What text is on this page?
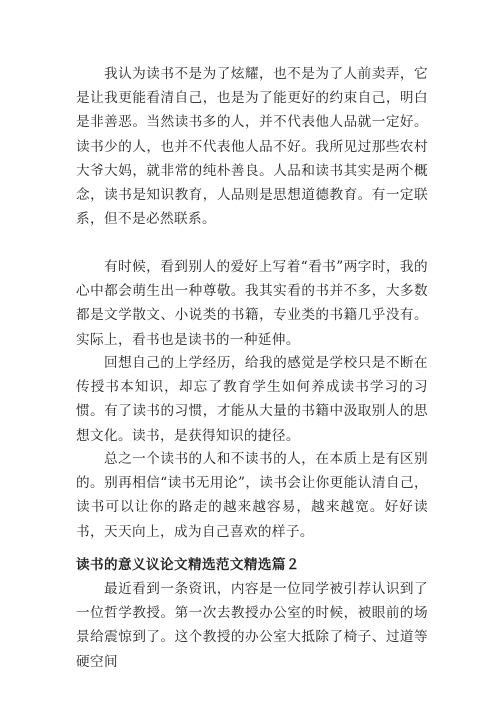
我认为读书不是为了炫耀，也不是为了人前卖弄，它是让我更能看清自己，也是为了能更好的约束自己，明白是非善恶。当然读书多的人，并不代表他人品就一定好。读书少的人，也并不代表他人品不好。我所见过那些农村大爷大妈，就非常的纯朴善良。人品和读书其实是两个概念，读书是知识教育，人品则是思想道德教育。有一定联系，但不是必然联系。

有时候，看到别人的爱好上写着“看书”两字时，我的心中都会萌生出一种尊敬。我其实看的书并不多，大多数都是文学散文、小说类的书籍，专业类的书籍几乎没有。实际上，看书也是读书的一种延伸。

回想自己的上学经历，给我的感觉是学校只是不断在传授书本知识，却忘了教育学生如何养成读书学习的习惯。有了读书的习惯，才能从大量的书籍中汲取别人的思想文化。读书，是获得知识的捷径。

总之一个读书的人和不读书的人，在本质上是有区别的。别再相信“读书无用论”，读书会让你更能认清自己，读书可以让你的路走的越来越容易，越来越宽。好好读书，天天向上，成为自己喜欢的样子。

读书的意义议论文精选范文精选篇２

最近看到一条资讯，内容是一位同学被引荐认识到了一位哲学教授。第一次去教授办公室的时候，被眼前的场景给震惊到了。这个教授的办公室大抵除了椅子、过道等硬空间
